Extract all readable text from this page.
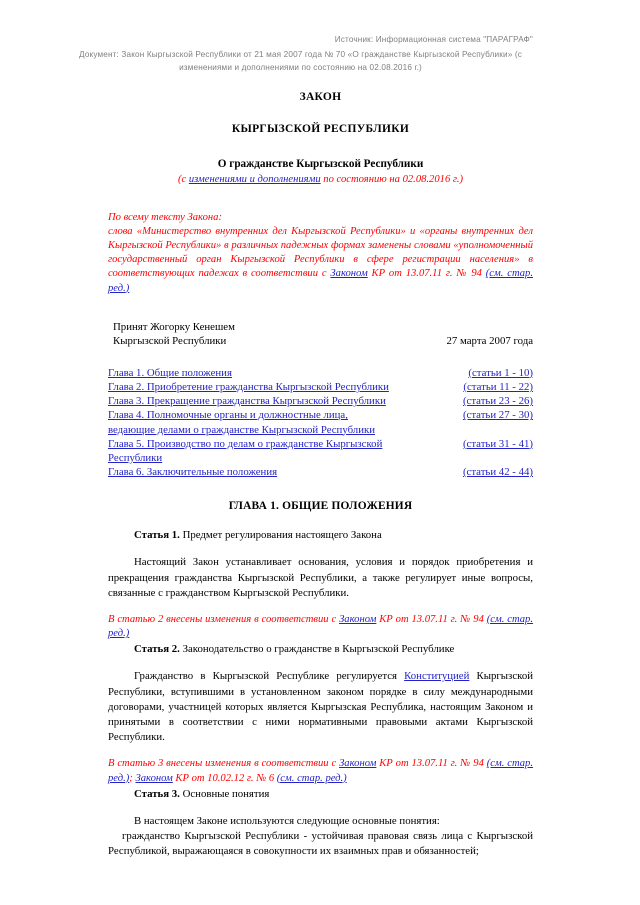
Источник: Информационная система "ПАРАГРАФ"
Документ: Закон Кыргызской Республики от 21 мая 2007 года № 70 «О гражданстве Кыргызской Республики» (с изменениями и дополнениями по состоянию на 02.08.2016 г.)
ЗАКОН
КЫРГЫЗСКОЙ РЕСПУБЛИКИ
О гражданстве Кыргызской Республики
(с изменениями и дополнениями по состоянию на 02.08.2016 г.)
По всему тексту Закона:
слова «Министерство внутренних дел Кыргызской Республики» и «органы внутренних дел Кыргызской Республики» в различных падежных формах заменены словами «уполномоченный государственный орган Кыргызской Республики в сфере регистрации населения» в соответствующих падежах в соответствии с Законом КР от 13.07.11 г. № 94 (см. стар. ред.)
Принят Жогорку Кенешем
Кыргызской Республики	27 марта 2007 года
Глава 1. Общие положения	(статьи 1 - 10)
Глава 2. Приобретение гражданства Кыргызской Республики	(статьи 11 - 22)
Глава 3. Прекращение гражданства Кыргызской Республики	(статьи 23 - 26)
Глава 4. Полномочные органы и должностные лица,	(статьи 27 - 30)
ведающие делами о гражданстве Кыргызской Республики
Глава 5. Производство по делам о гражданстве Кыргызской	(статьи 31 - 41)
Республики
Глава 6. Заключительные положения	(статьи 42 - 44)
ГЛАВА 1. ОБЩИЕ ПОЛОЖЕНИЯ
Статья 1. Предмет регулирования настоящего Закона
Настоящий Закон устанавливает основания, условия и порядок приобретения и прекращения гражданства Кыргызской Республики, а также регулирует иные вопросы, связанные с гражданством Кыргызской Республики.
В статью 2 внесены изменения в соответствии с Законом КР от 13.07.11 г. № 94 (см. стар. ред.)
Статья 2. Законодательство о гражданстве в Кыргызской Республике
Гражданство в Кыргызской Республике регулируется Конституцией Кыргызской Республики, вступившими в установленном законом порядке в силу международными договорами, участницей которых является Кыргызская Республика, настоящим Законом и принятыми в соответствии с ними нормативными правовыми актами Кыргызской Республики.
В статью 3 внесены изменения в соответствии с Законом КР от 13.07.11 г. № 94 (см. стар. ред.); Законом КР от 10.02.12 г. № 6 (см. стар. ред.)
Статья 3. Основные понятия
В настоящем Законе используются следующие основные понятия:
гражданство Кыргызской Республики - устойчивая правовая связь лица с Кыргызской Республикой, выражающаяся в совокупности их взаимных прав и обязанностей;
